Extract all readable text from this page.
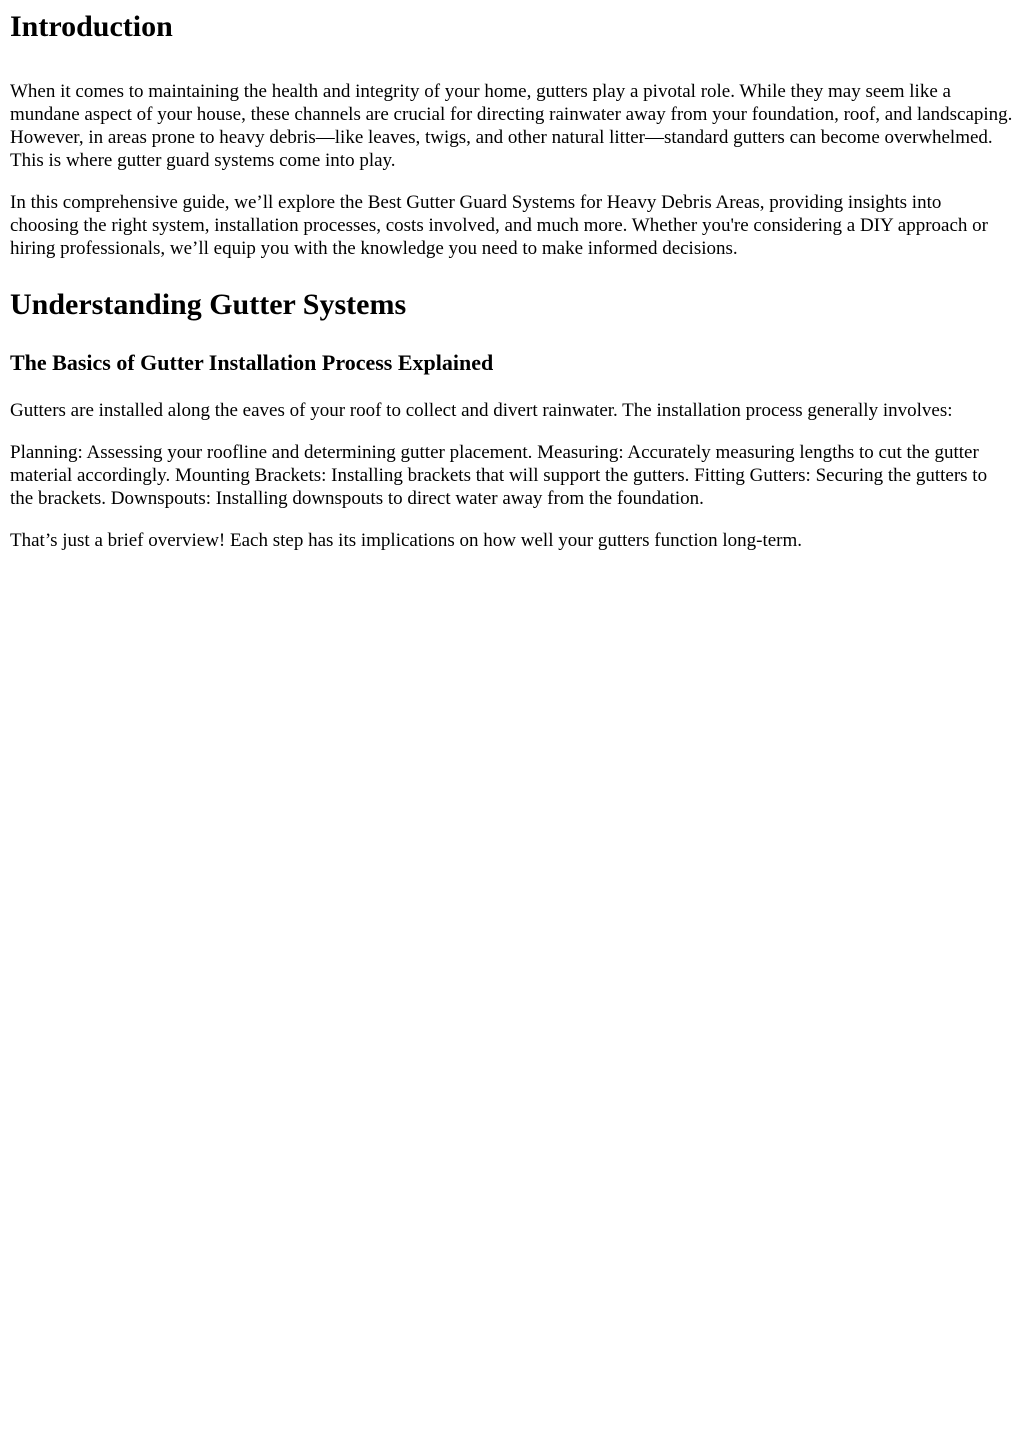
Introduction

When it comes to maintaining the health and integrity of your home, gutters play a pivotal role. While they may seem like a mundane aspect of your house, these channels are crucial for directing rainwater away from your foundation, roof, and landscaping. However, in areas prone to heavy debris—like leaves, twigs, and other natural litter—standard gutters can become overwhelmed. This is where gutter guard systems come into play.

In this comprehensive guide, we’ll explore the Best Gutter Guard Systems for Heavy Debris Areas, providing insights into choosing the right system, installation processes, costs involved, and much more. Whether you're considering a DIY approach or hiring professionals, we’ll equip you with the knowledge you need to make informed decisions.

Understanding Gutter Systems
The Basics of Gutter Installation Process Explained

Gutters are installed along the eaves of your roof to collect and divert rainwater. The installation process generally involves:

Planning: Assessing your roofline and determining gutter placement. Measuring: Accurately measuring lengths to cut the gutter material accordingly. Mounting Brackets: Installing brackets that will support the gutters. Fitting Gutters: Securing the gutters to the brackets. Downspouts: Installing downspouts to direct water away from the foundation.

That’s just a brief overview! Each step has its implications on how well your gutters function long-term.
